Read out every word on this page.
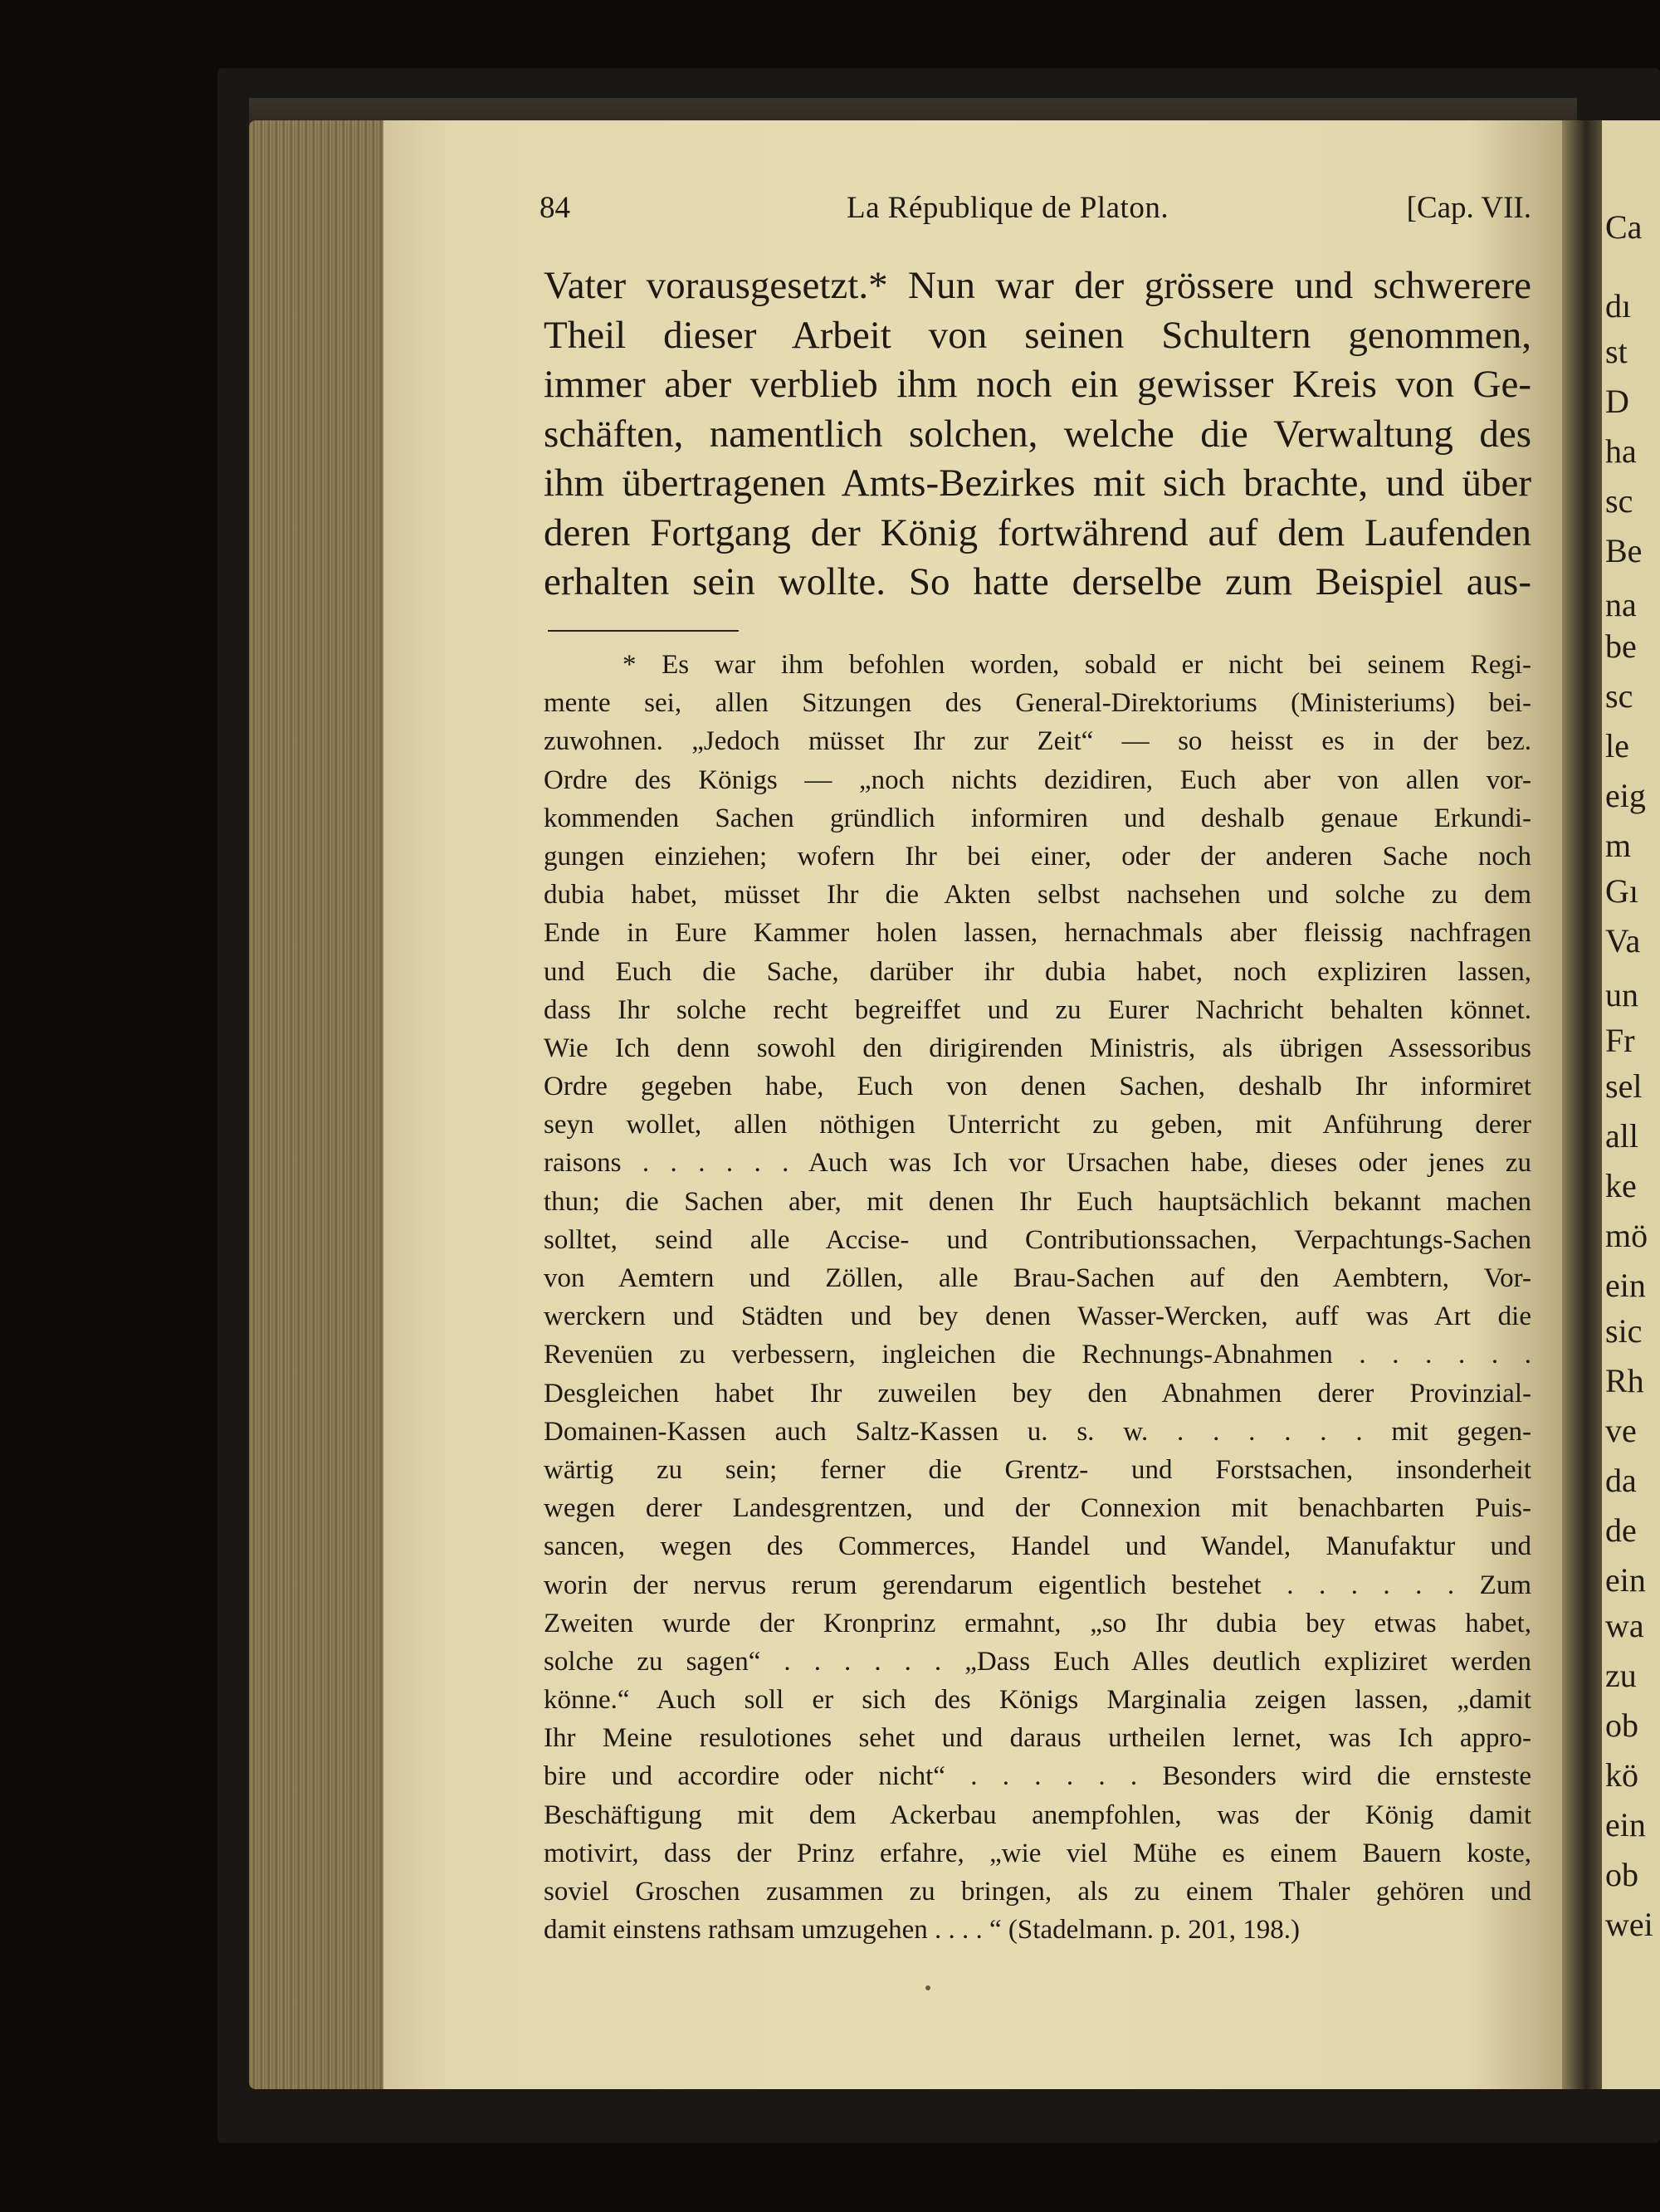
Ca
dı
st
D
ha
sc
Be
na
be
sc
le
eig
m
Gı
Va
un
Fr
sel
all
ke
mö
ein
sic
Rh
ve
da
de
ein
wa
zu
ob
kö
ein
ob
wei
84	La République de Platon.	[Cap. VII.
Vater vorausgesetzt.* Nun war der grössere und schwerere
Theil dieser Arbeit von seinen Schultern genommen,
immer aber verblieb ihm noch ein gewisser Kreis von Ge-
schäften, namentlich solchen, welche die Verwaltung des
ihm übertragenen Amts-Bezirkes mit sich brachte, und über
deren Fortgang der König fortwährend auf dem Laufenden
erhalten sein wollte. So hatte derselbe zum Beispiel aus-
* Es war ihm befohlen worden, sobald er nicht bei seinem Regi-
mente sei, allen Sitzungen des General-Direktoriums (Ministeriums) bei-
zuwohnen. „Jedoch müsset Ihr zur Zeit“ — so heisst es in der bez.
Ordre des Königs — „noch nichts dezidiren, Euch aber von allen vor-
kommenden Sachen gründlich informiren und deshalb genaue Erkundi-
gungen einziehen; wofern Ihr bei einer, oder der anderen Sache noch
dubia habet, müsset Ihr die Akten selbst nachsehen und solche zu dem
Ende in Eure Kammer holen lassen, hernachmals aber fleissig nachfragen
und Euch die Sache, darüber ihr dubia habet, noch expliziren lassen,
dass Ihr solche recht begreiffet und zu Eurer Nachricht behalten könnet.
Wie Ich denn sowohl den dirigirenden Ministris, als übrigen Assessoribus
Ordre gegeben habe, Euch von denen Sachen, deshalb Ihr informiret
seyn wollet, allen nöthigen Unterricht zu geben, mit Anführung derer
raisons . . . . . . Auch was Ich vor Ursachen habe, dieses oder jenes zu
thun; die Sachen aber, mit denen Ihr Euch hauptsächlich bekannt machen
solltet, seind alle Accise- und Contributionssachen, Verpachtungs-Sachen
von Aemtern und Zöllen, alle Brau-Sachen auf den Aembtern, Vor-
werckern und Städten und bey denen Wasser-Wercken, auff was Art die
Revenüen zu verbessern, ingleichen die Rechnungs-Abnahmen . . . . . .
Desgleichen habet Ihr zuweilen bey den Abnahmen derer Provinzial-
Domainen-Kassen auch Saltz-Kassen u. s. w. . . . . . . mit gegen-
wärtig zu sein; ferner die Grentz- und Forstsachen, insonderheit
wegen derer Landesgrentzen, und der Connexion mit benachbarten Puis-
sancen, wegen des Commerces, Handel und Wandel, Manufaktur und
worin der nervus rerum gerendarum eigentlich bestehet . . . . . . Zum
Zweiten wurde der Kronprinz ermahnt, „so Ihr dubia bey etwas habet,
solche zu sagen“ . . . . . . „Dass Euch Alles deutlich expliziret werden
könne.“ Auch soll er sich des Königs Marginalia zeigen lassen, „damit
Ihr Meine resulotiones sehet und daraus urtheilen lernet, was Ich appro-
bire und accordire oder nicht“ . . . . . . Besonders wird die ernsteste
Beschäftigung mit dem Ackerbau anempfohlen, was der König damit
motivirt, dass der Prinz erfahre, „wie viel Mühe es einem Bauern koste,
soviel Groschen zusammen zu bringen, als zu einem Thaler gehören und
damit einstens rathsam umzugehen . . . . “ (Stadelmann. p. 201, 198.)
